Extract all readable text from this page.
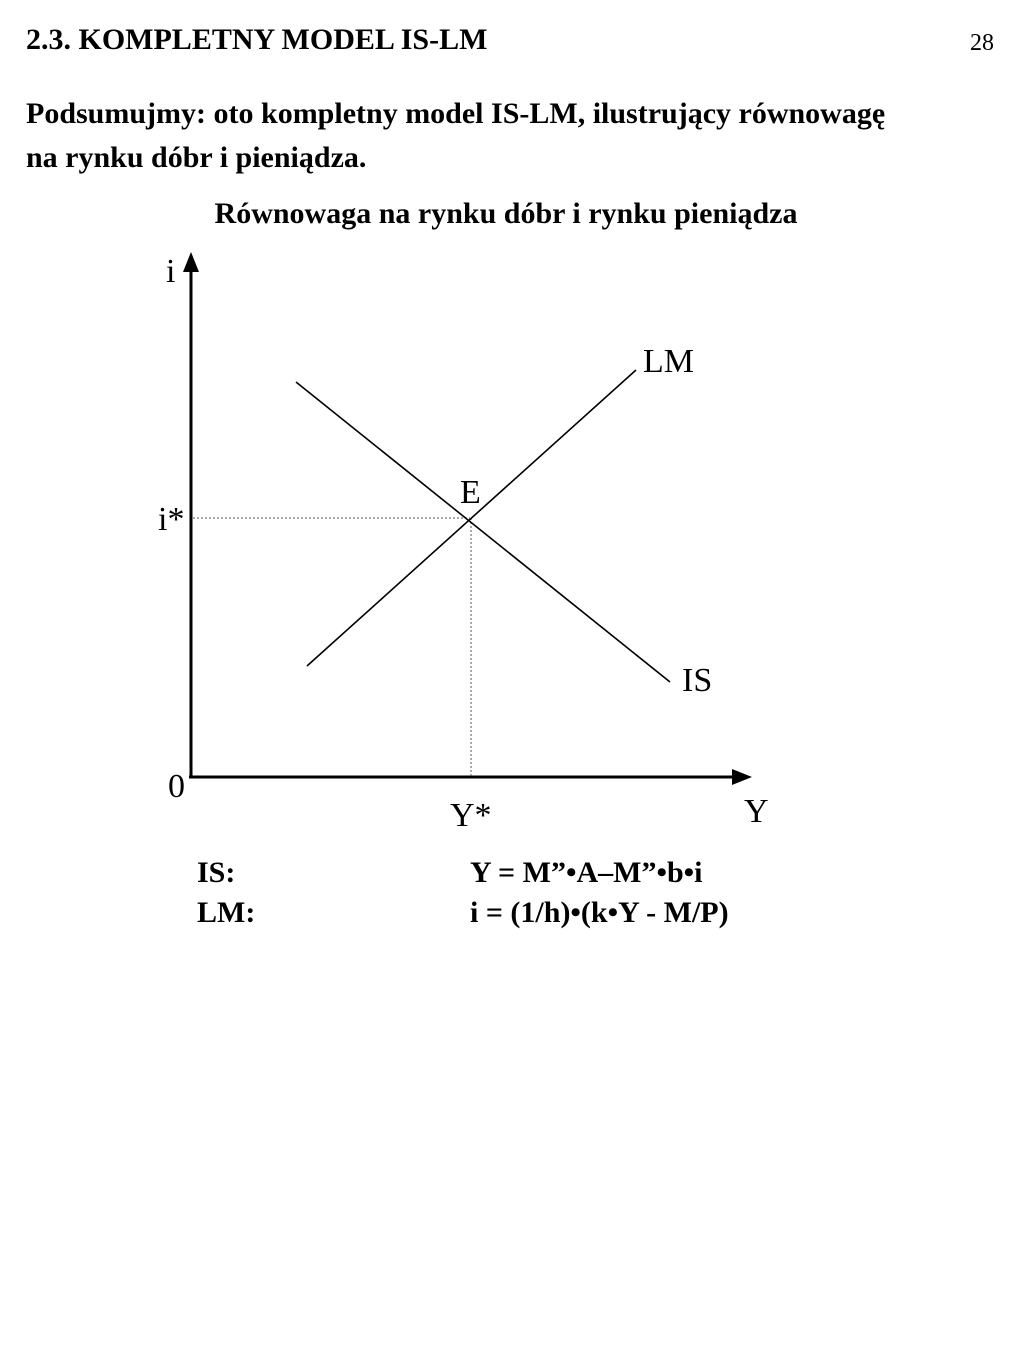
2.3. KOMPLETNY MODEL IS-LM	28
Podsumujmy: oto kompletny model IS-LM, ilustrujący równowagę
na rynku dóbr i pieniądza.
Równowaga na rynku dóbr i rynku pieniądza
i
Y
0
LM
IS
E
i*
Y*
IS:	Y = M”•A–M”•b•i
LM:	i = (1/h)•(k•Y - M/P)
